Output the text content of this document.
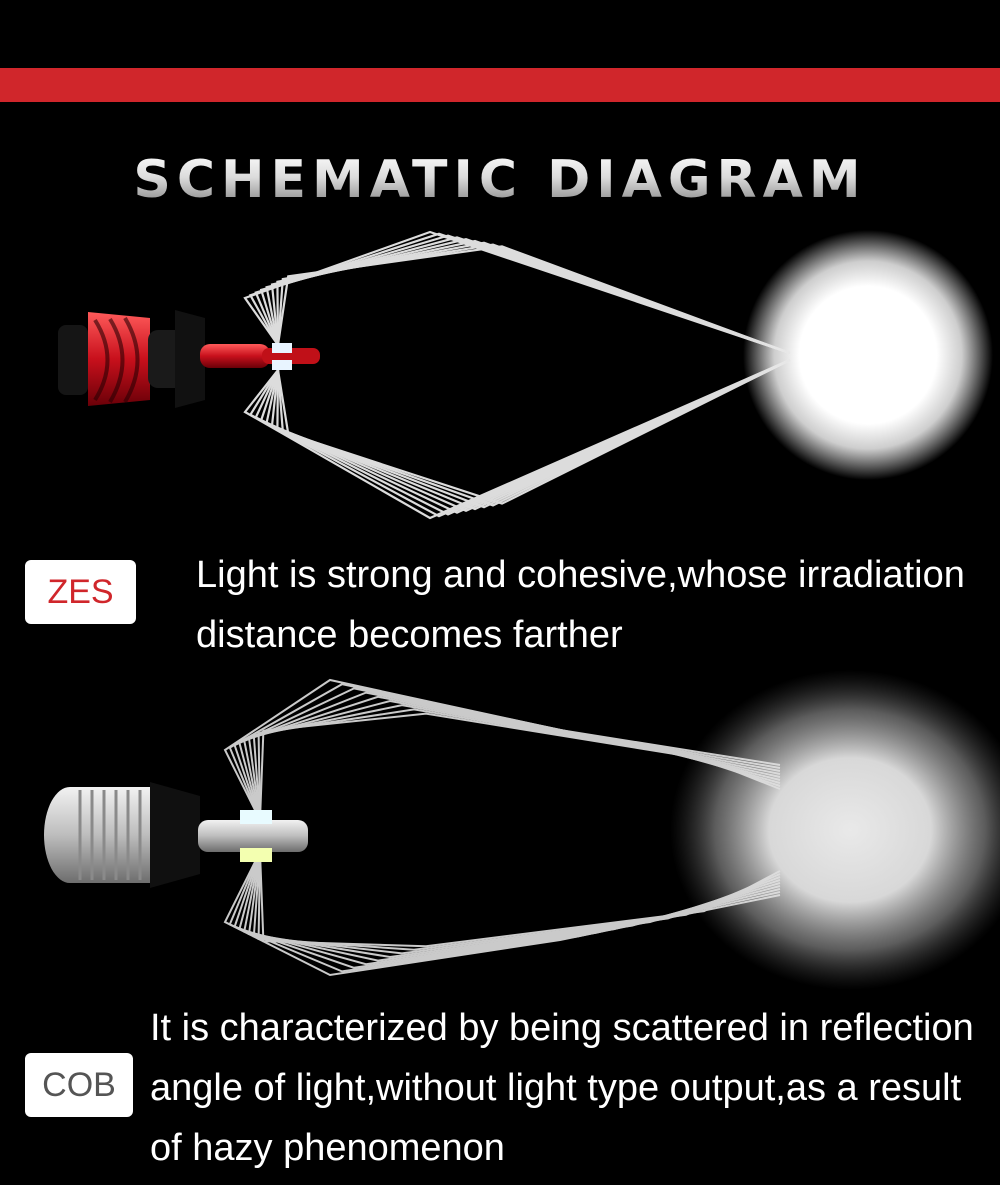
SCHEMATIC DIAGRAM
ZES	Light is strong and cohesive,whose irradiation distance becomes farther
COB
It is characterized by being scattered in reflection angle of light,without light type output,as a result of hazy phenomenon
